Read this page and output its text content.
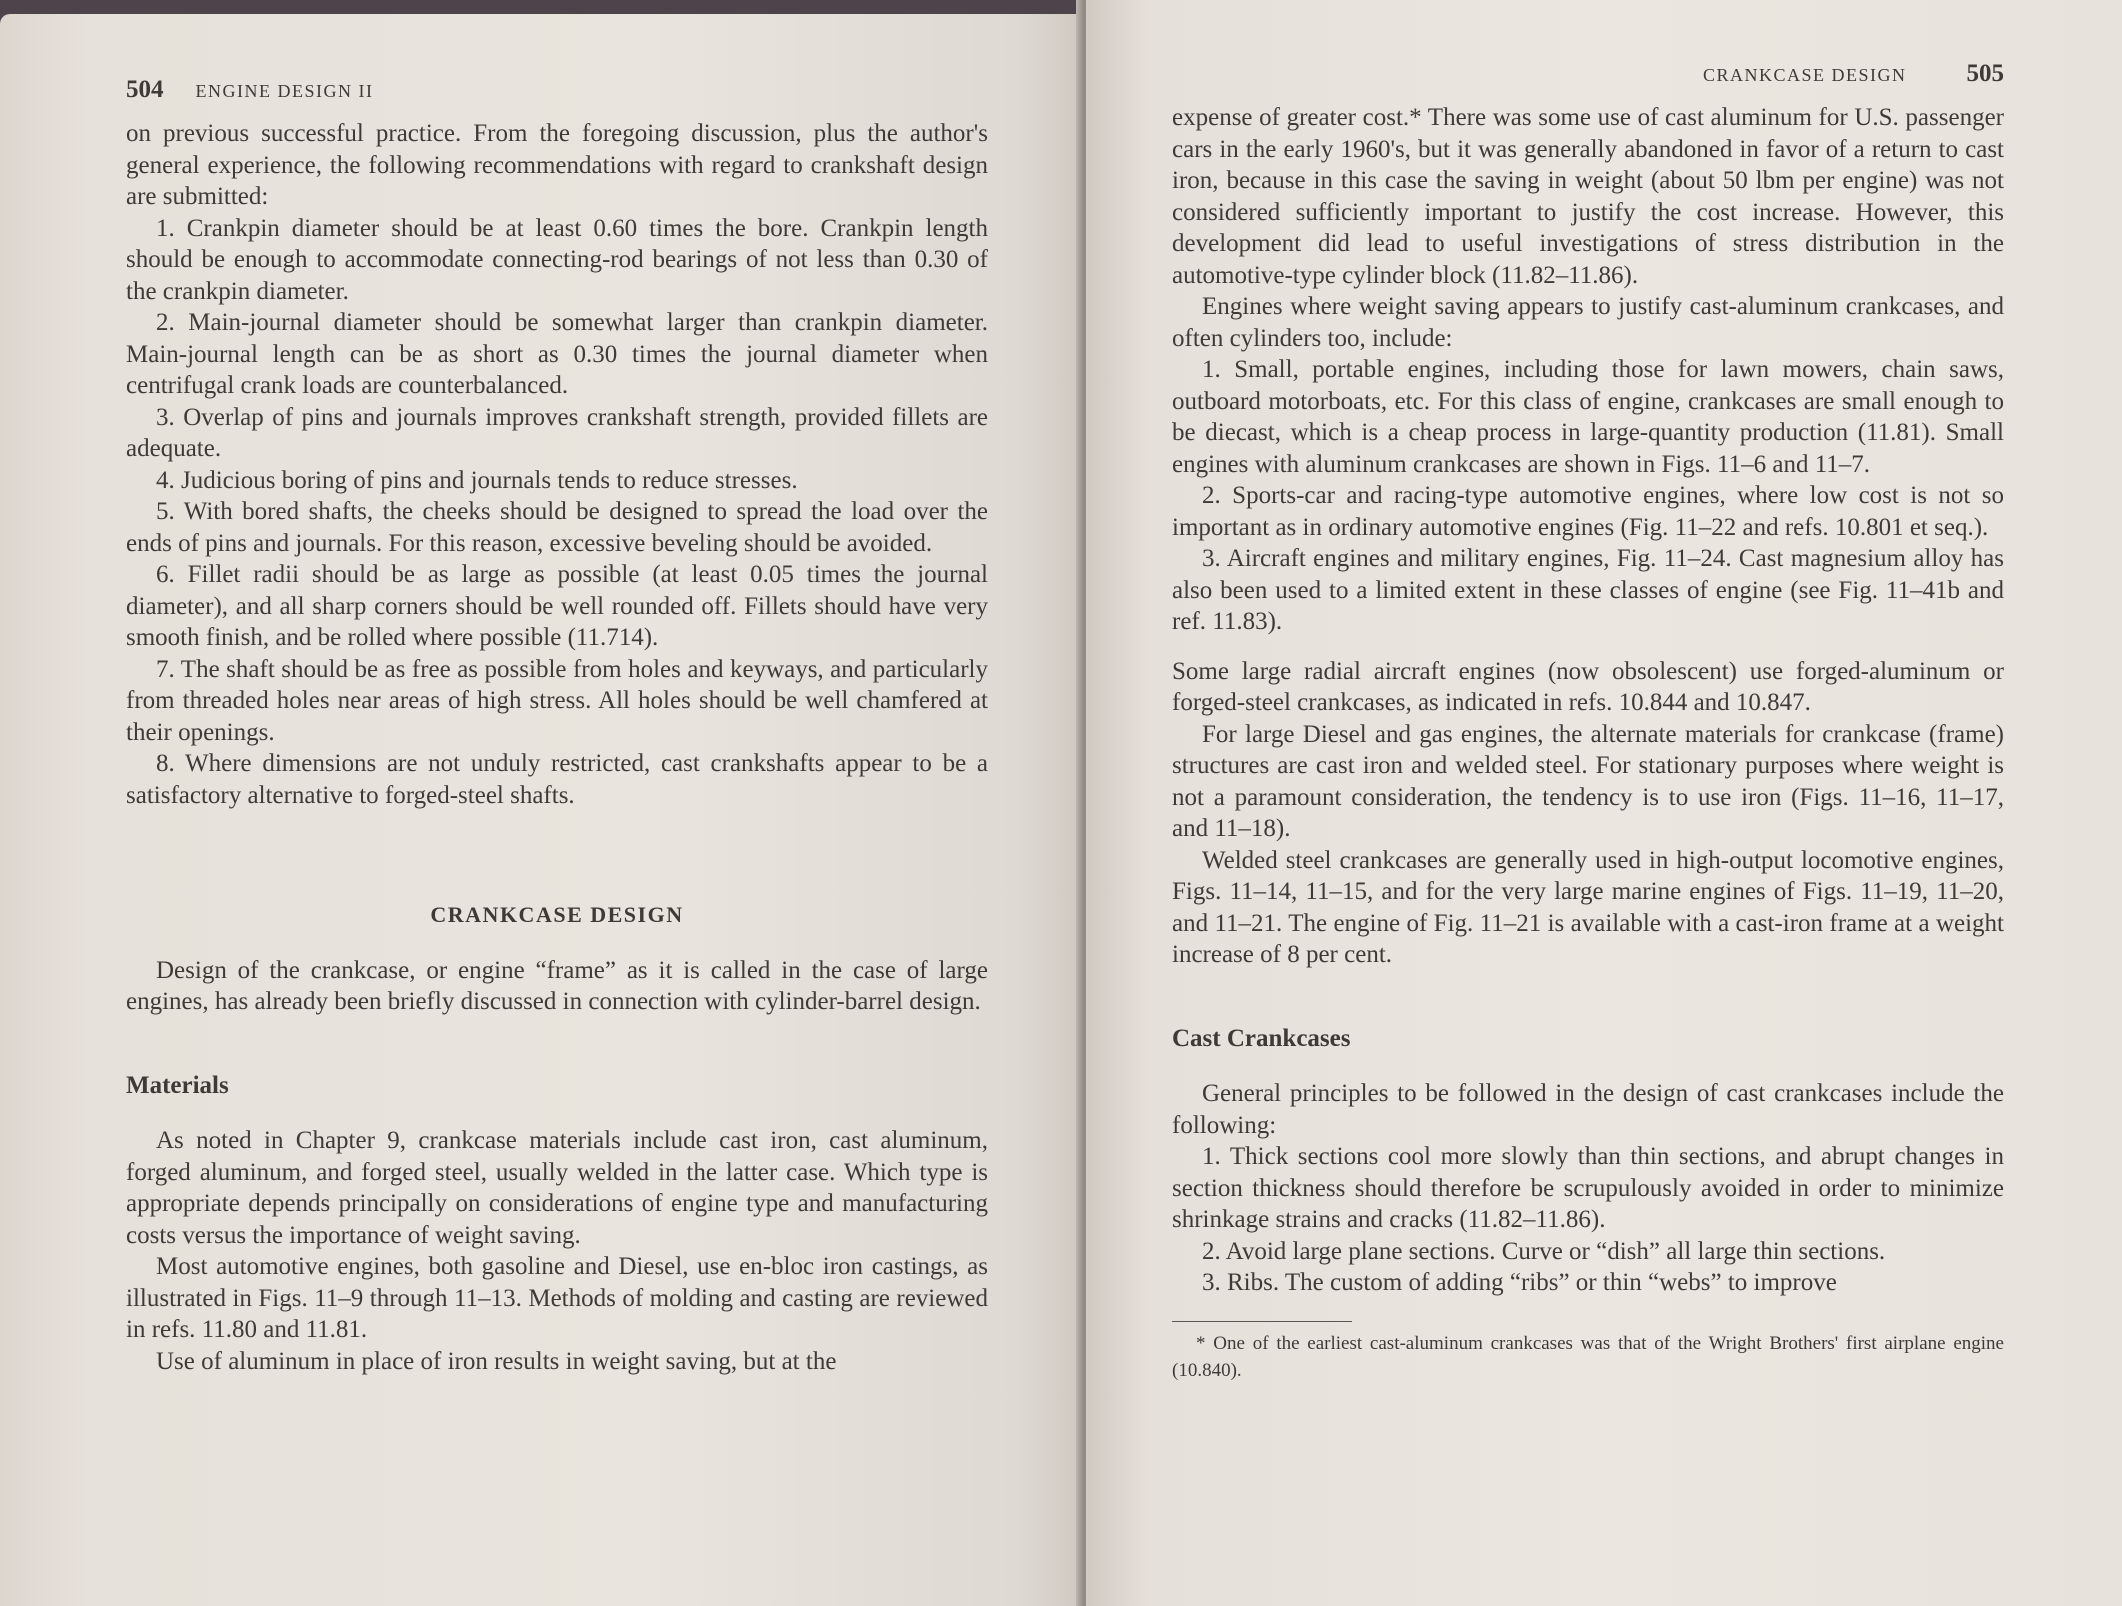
504 ENGINE DESIGN II

on previous successful practice. From the foregoing discussion, plus the author's general experience, the following recommendations with regard to crankshaft design are submitted:

1. Crankpin diameter should be at least 0.60 times the bore. Crankpin length should be enough to accommodate connecting-rod bearings of not less than 0.30 of the crankpin diameter.
2. Main-journal diameter should be somewhat larger than crankpin diameter. Main-journal length can be as short as 0.30 times the journal diameter when centrifugal crank loads are counterbalanced.
3. Overlap of pins and journals improves crankshaft strength, provided fillets are adequate.
4. Judicious boring of pins and journals tends to reduce stresses.
5. With bored shafts, the cheeks should be designed to spread the load over the ends of pins and journals. For this reason, excessive beveling should be avoided.
6. Fillet radii should be as large as possible (at least 0.05 times the journal diameter), and all sharp corners should be well rounded off. Fillets should have very smooth finish, and be rolled where possible (11.714).
7. The shaft should be as free as possible from holes and keyways, and particularly from threaded holes near areas of high stress. All holes should be well chamfered at their openings.
8. Where dimensions are not unduly restricted, cast crankshafts appear to be a satisfactory alternative to forged-steel shafts.
CRANKCASE DESIGN

Design of the crankcase, or engine “frame” as it is called in the case of large engines, has already been briefly discussed in connection with cylinder-barrel design.

Materials

As noted in Chapter 9, crankcase materials include cast iron, cast aluminum, forged aluminum, and forged steel, usually welded in the latter case. Which type is appropriate depends principally on considerations of engine type and manufacturing costs versus the importance of weight saving.

Most automotive engines, both gasoline and Diesel, use en-bloc iron castings, as illustrated in Figs. 11–9 through 11–13. Methods of molding and casting are reviewed in refs. 11.80 and 11.81.

Use of aluminum in place of iron results in weight saving, but at the

CRANKCASE DESIGN 505

expense of greater cost.* There was some use of cast aluminum for U.S. passenger cars in the early 1960's, but it was generally abandoned in favor of a return to cast iron, because in this case the saving in weight (about 50 lbm per engine) was not considered sufficiently important to justify the cost increase. However, this development did lead to useful investigations of stress distribution in the automotive-type cylinder block (11.82–11.86).

Engines where weight saving appears to justify cast-aluminum crankcases, and often cylinders too, include:

1. Small, portable engines, including those for lawn mowers, chain saws, outboard motorboats, etc. For this class of engine, crankcases are small enough to be diecast, which is a cheap process in large-quantity production (11.81). Small engines with aluminum crankcases are shown in Figs. 11–6 and 11–7.
2. Sports-car and racing-type automotive engines, where low cost is not so important as in ordinary automotive engines (Fig. 11–22 and refs. 10.801 et seq.).
3. Aircraft engines and military engines, Fig. 11–24. Cast magnesium alloy has also been used to a limited extent in these classes of engine (see Fig. 11–41b and ref. 11.83).

Some large radial aircraft engines (now obsolescent) use forged-aluminum or forged-steel crankcases, as indicated in refs. 10.844 and 10.847.

For large Diesel and gas engines, the alternate materials for crankcase (frame) structures are cast iron and welded steel. For stationary purposes where weight is not a paramount consideration, the tendency is to use iron (Figs. 11–16, 11–17, and 11–18).

Welded steel crankcases are generally used in high-output locomotive engines, Figs. 11–14, 11–15, and for the very large marine engines of Figs. 11–19, 11–20, and 11–21. The engine of Fig. 11–21 is available with a cast-iron frame at a weight increase of 8 per cent.

Cast Crankcases

General principles to be followed in the design of cast crankcases include the following:

1. Thick sections cool more slowly than thin sections, and abrupt changes in section thickness should therefore be scrupulously avoided in order to minimize shrinkage strains and cracks (11.82–11.86).
2. Avoid large plane sections. Curve or “dish” all large thin sections.
3. Ribs. The custom of adding “ribs” or thin “webs” to improve

* One of the earliest cast-aluminum crankcases was that of the Wright Brothers' first airplane engine (10.840).
